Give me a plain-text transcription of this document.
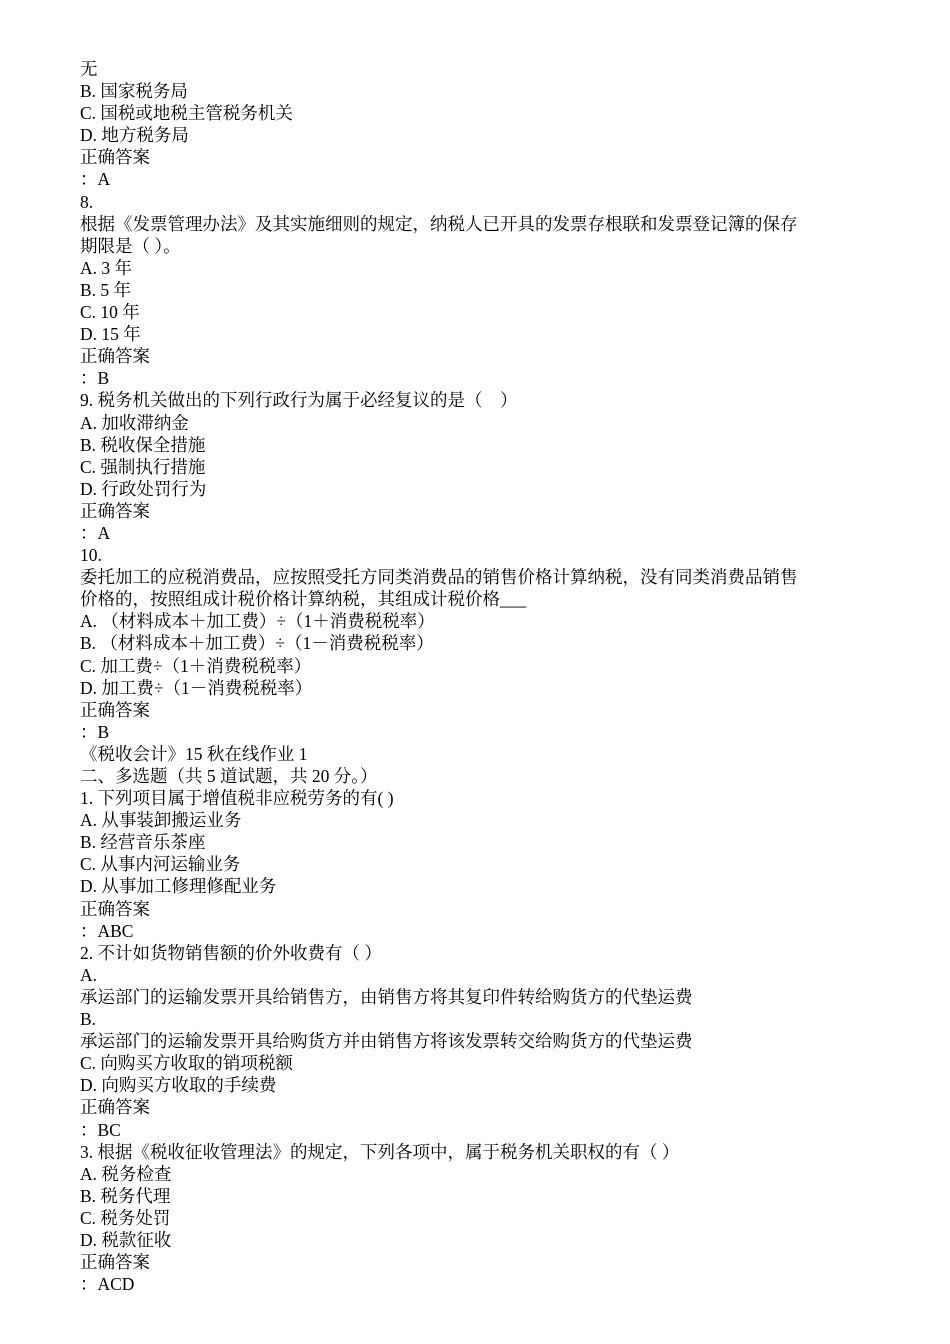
无

B. 国家税务局

C. 国税或地税主管税务机关

D. 地方税务局

正确答案

：A

8.

根据《发票管理办法》及其实施细则的规定，纳税人已开具的发票存根联和发票登记簿的保存

期限是（ ）。

A. 3 年

B. 5 年

C. 10 年

D. 15 年

正确答案

：B

9. 税务机关做出的下列行政行为属于必经复议的是（    ）

A. 加收滞纳金

B. 税收保全措施

C. 强制执行措施

D. 行政处罚行为

正确答案

：A

10.

委托加工的应税消费品，应按照受托方同类消费品的销售价格计算纳税，没有同类消费品销售

价格的，按照组成计税价格计算纳税，其组成计税价格___

A. （材料成本＋加工费）÷（1＋消费税税率）

B. （材料成本＋加工费）÷（1－消费税税率）

C. 加工费÷（1＋消费税税率）

D. 加工费÷（1－消费税税率）

正确答案

：B

《税收会计》15 秋在线作业 1

二、多选题（共 5 道试题，共 20 分。）

1. 下列项目属于增值税非应税劳务的有( )

A. 从事装卸搬运业务

B. 经营音乐茶座

C. 从事内河运输业务

D. 从事加工修理修配业务

正确答案

：ABC

2. 不计如货物销售额的价外收费有（ ）

A.

承运部门的运输发票开具给销售方，由销售方将其复印件转给购货方的代垫运费

B.

承运部门的运输发票开具给购货方并由销售方将该发票转交给购货方的代垫运费

C. 向购买方收取的销项税额

D. 向购买方收取的手续费

正确答案

：BC

3. 根据《税收征收管理法》的规定，下列各项中，属于税务机关职权的有（ ）

A. 税务检查

B. 税务代理

C. 税务处罚

D. 税款征收

正确答案

：ACD
